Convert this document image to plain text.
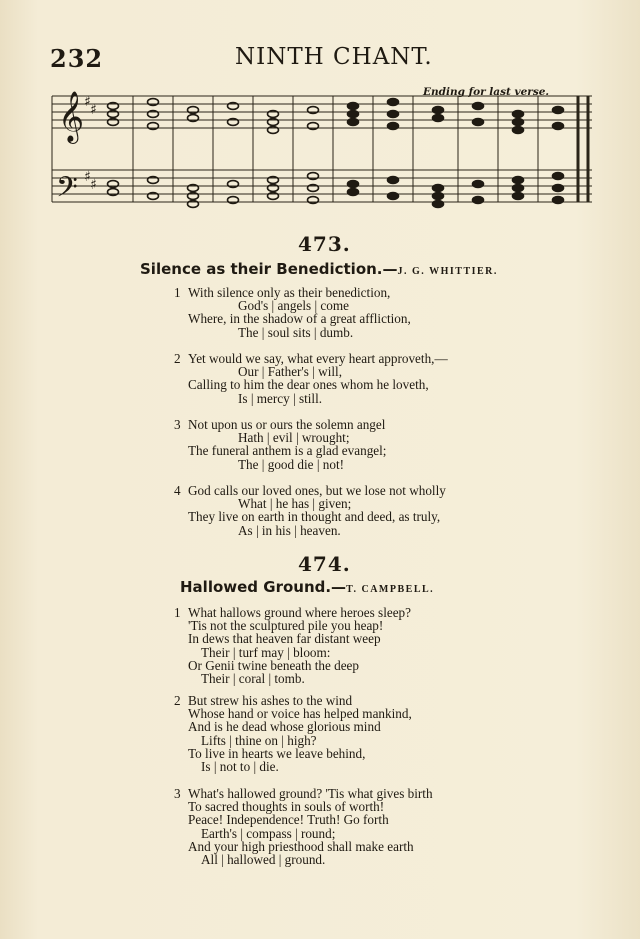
232	NINTH CHANT.
Ending for last verse.
𝄞
𝄢
♯ ♯
♯ ♯
473.
Silence as their Benediction.—J. G. WHITTIER.
1 With silence only as their benediction,
God's | angels | come
Where, in the shadow of a great affliction,
The | soul sits | dumb.
2 Yet would we say, what every heart approveth,—
Our | Father's | will,
Calling to him the dear ones whom he loveth,
Is | mercy | still.
3 Not upon us or ours the solemn angel
Hath | evil | wrought;
The funeral anthem is a glad evangel;
The | good die | not!
4 God calls our loved ones, but we lose not wholly
What | he has | given;
They live on earth in thought and deed, as truly,
As | in his | heaven.
474.
Hallowed Ground.—T. CAMPBELL.
1 What hallows ground where heroes sleep?
'Tis not the sculptured pile you heap!
In dews that heaven far distant weep
Their | turf may | bloom:
Or Genii twine beneath the deep
Their | coral | tomb.
2 But strew his ashes to the wind
Whose hand or voice has helped mankind,
And is he dead whose glorious mind
Lifts | thine on | high?
To live in hearts we leave behind,
Is | not to | die.
3 What's hallowed ground? 'Tis what gives birth
To sacred thoughts in souls of worth!
Peace! Independence! Truth! Go forth
Earth's | compass | round;
And your high priesthood shall make earth
All | hallowed | ground.
